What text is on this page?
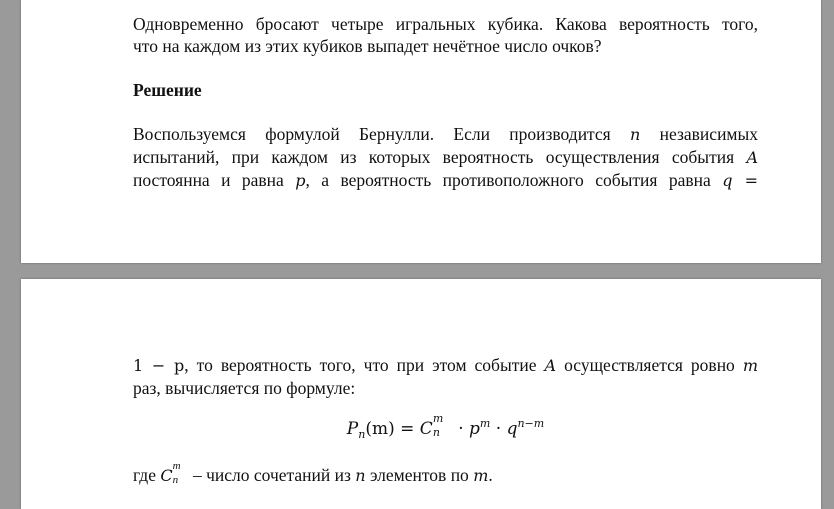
Одновременно бросают четыре игральных кубика. Какова вероятность того,
что на каждом из этих кубиков выпадет нечётное число очков?

Решение

Воспользуемся формулой Бернулли. Если производится n независимых
испытаний, при каждом из которых вероятность осуществления события A
постоянна и равна p, а вероятность противоположного события равна q =

1 − p, то вероятность того, что при этом событие A осуществляется ровно m
раз, вычисляется по формуле:

$P_n(m) = C$
m
$n \cdot p^m \cdot q^{n-m}$

где C m
n – число сочетаний из n элементов по m.
